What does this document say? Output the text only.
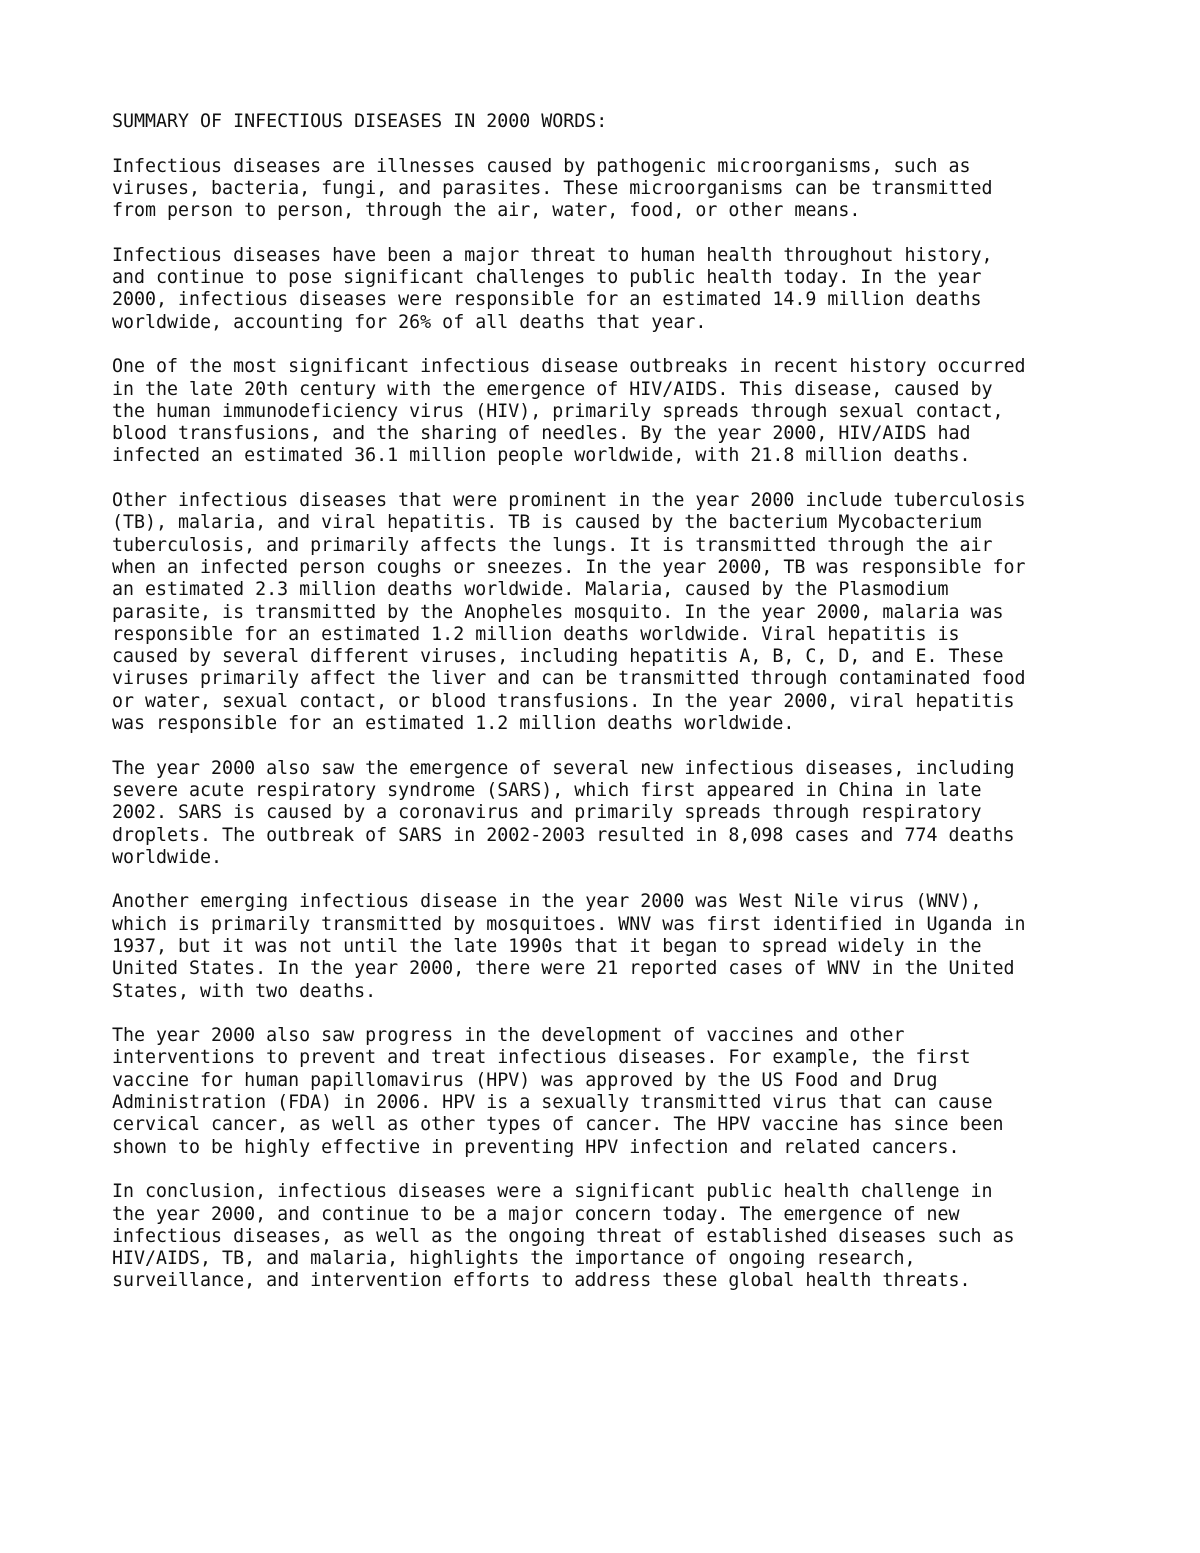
SUMMARY OF INFECTIOUS DISEASES IN 2000 WORDS:
Infectious diseases are illnesses caused by pathogenic microorganisms, such as
viruses, bacteria, fungi, and parasites. These microorganisms can be transmitted
from person to person, through the air, water, food, or other means.
Infectious diseases have been a major threat to human health throughout history,
and continue to pose significant challenges to public health today. In the year
2000, infectious diseases were responsible for an estimated 14.9 million deaths
worldwide, accounting for 26% of all deaths that year.
One of the most significant infectious disease outbreaks in recent history occurred
in the late 20th century with the emergence of HIV/AIDS. This disease, caused by
the human immunodeficiency virus (HIV), primarily spreads through sexual contact,
blood transfusions, and the sharing of needles. By the year 2000, HIV/AIDS had
infected an estimated 36.1 million people worldwide, with 21.8 million deaths.
Other infectious diseases that were prominent in the year 2000 include tuberculosis
(TB), malaria, and viral hepatitis. TB is caused by the bacterium Mycobacterium
tuberculosis, and primarily affects the lungs. It is transmitted through the air
when an infected person coughs or sneezes. In the year 2000, TB was responsible for
an estimated 2.3 million deaths worldwide. Malaria, caused by the Plasmodium
parasite, is transmitted by the Anopheles mosquito. In the year 2000, malaria was
responsible for an estimated 1.2 million deaths worldwide. Viral hepatitis is
caused by several different viruses, including hepatitis A, B, C, D, and E. These
viruses primarily affect the liver and can be transmitted through contaminated food
or water, sexual contact, or blood transfusions. In the year 2000, viral hepatitis
was responsible for an estimated 1.2 million deaths worldwide.
The year 2000 also saw the emergence of several new infectious diseases, including
severe acute respiratory syndrome (SARS), which first appeared in China in late
2002. SARS is caused by a coronavirus and primarily spreads through respiratory
droplets. The outbreak of SARS in 2002-2003 resulted in 8,098 cases and 774 deaths
worldwide.
Another emerging infectious disease in the year 2000 was West Nile virus (WNV),
which is primarily transmitted by mosquitoes. WNV was first identified in Uganda in
1937, but it was not until the late 1990s that it began to spread widely in the
United States. In the year 2000, there were 21 reported cases of WNV in the United
States, with two deaths.
The year 2000 also saw progress in the development of vaccines and other
interventions to prevent and treat infectious diseases. For example, the first
vaccine for human papillomavirus (HPV) was approved by the US Food and Drug
Administration (FDA) in 2006. HPV is a sexually transmitted virus that can cause
cervical cancer, as well as other types of cancer. The HPV vaccine has since been
shown to be highly effective in preventing HPV infection and related cancers.
In conclusion, infectious diseases were a significant public health challenge in
the year 2000, and continue to be a major concern today. The emergence of new
infectious diseases, as well as the ongoing threat of established diseases such as
HIV/AIDS, TB, and malaria, highlights the importance of ongoing research,
surveillance, and intervention efforts to address these global health threats.
